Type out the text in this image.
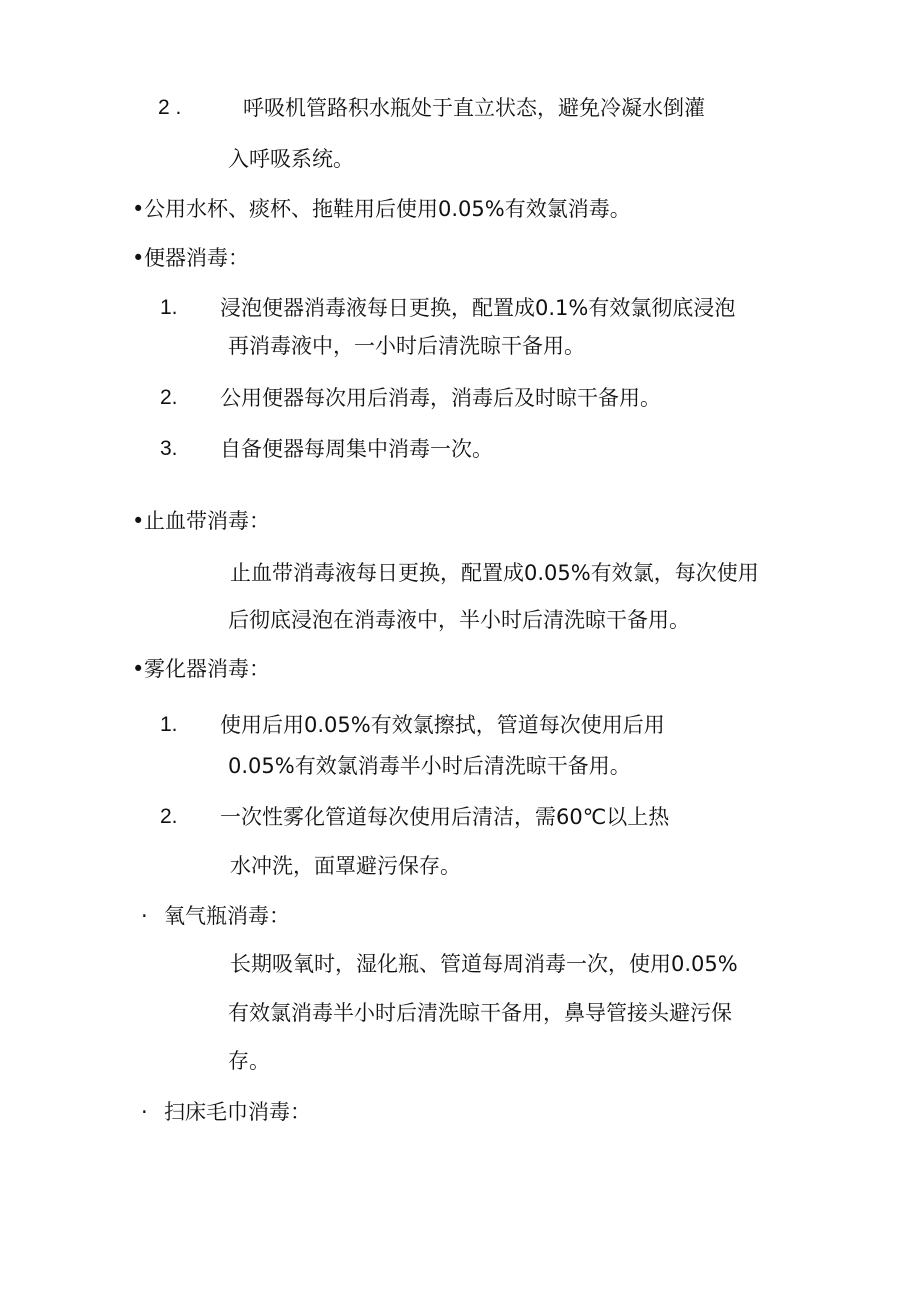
2 .	呼吸机管路积水瓶处于直立状态，避免冷凝水倒灌
入呼吸系统。
• 公用水杯、痰杯、拖鞋用后使用0.05%有效氯消毒。
• 便器消毒：
1. 浸泡便器消毒液每日更换，配置成0.1%有效氯彻底浸泡
再消毒液中，一小时后清洗晾干备用。
2. 公用便器每次用后消毒，消毒后及时晾干备用。
3. 自备便器每周集中消毒一次。
• 止血带消毒：
止血带消毒液每日更换，配置成0.05%有效氯，每次使用
后彻底浸泡在消毒液中，半小时后清洗晾干备用。
• 雾化器消毒：
1. 使用后用0.05%有效氯擦拭，管道每次使用后用
0.05%有效氯消毒半小时后清洗晾干备用。
2. 一次性雾化管道每次使用后清洁，需60℃以上热
水冲洗，面罩避污保存。
· 氧气瓶消毒：
长期吸氧时，湿化瓶、管道每周消毒一次，使用0.05%
有效氯消毒半小时后清洗晾干备用，鼻导管接头避污保
存。
· 扫床毛巾消毒：
